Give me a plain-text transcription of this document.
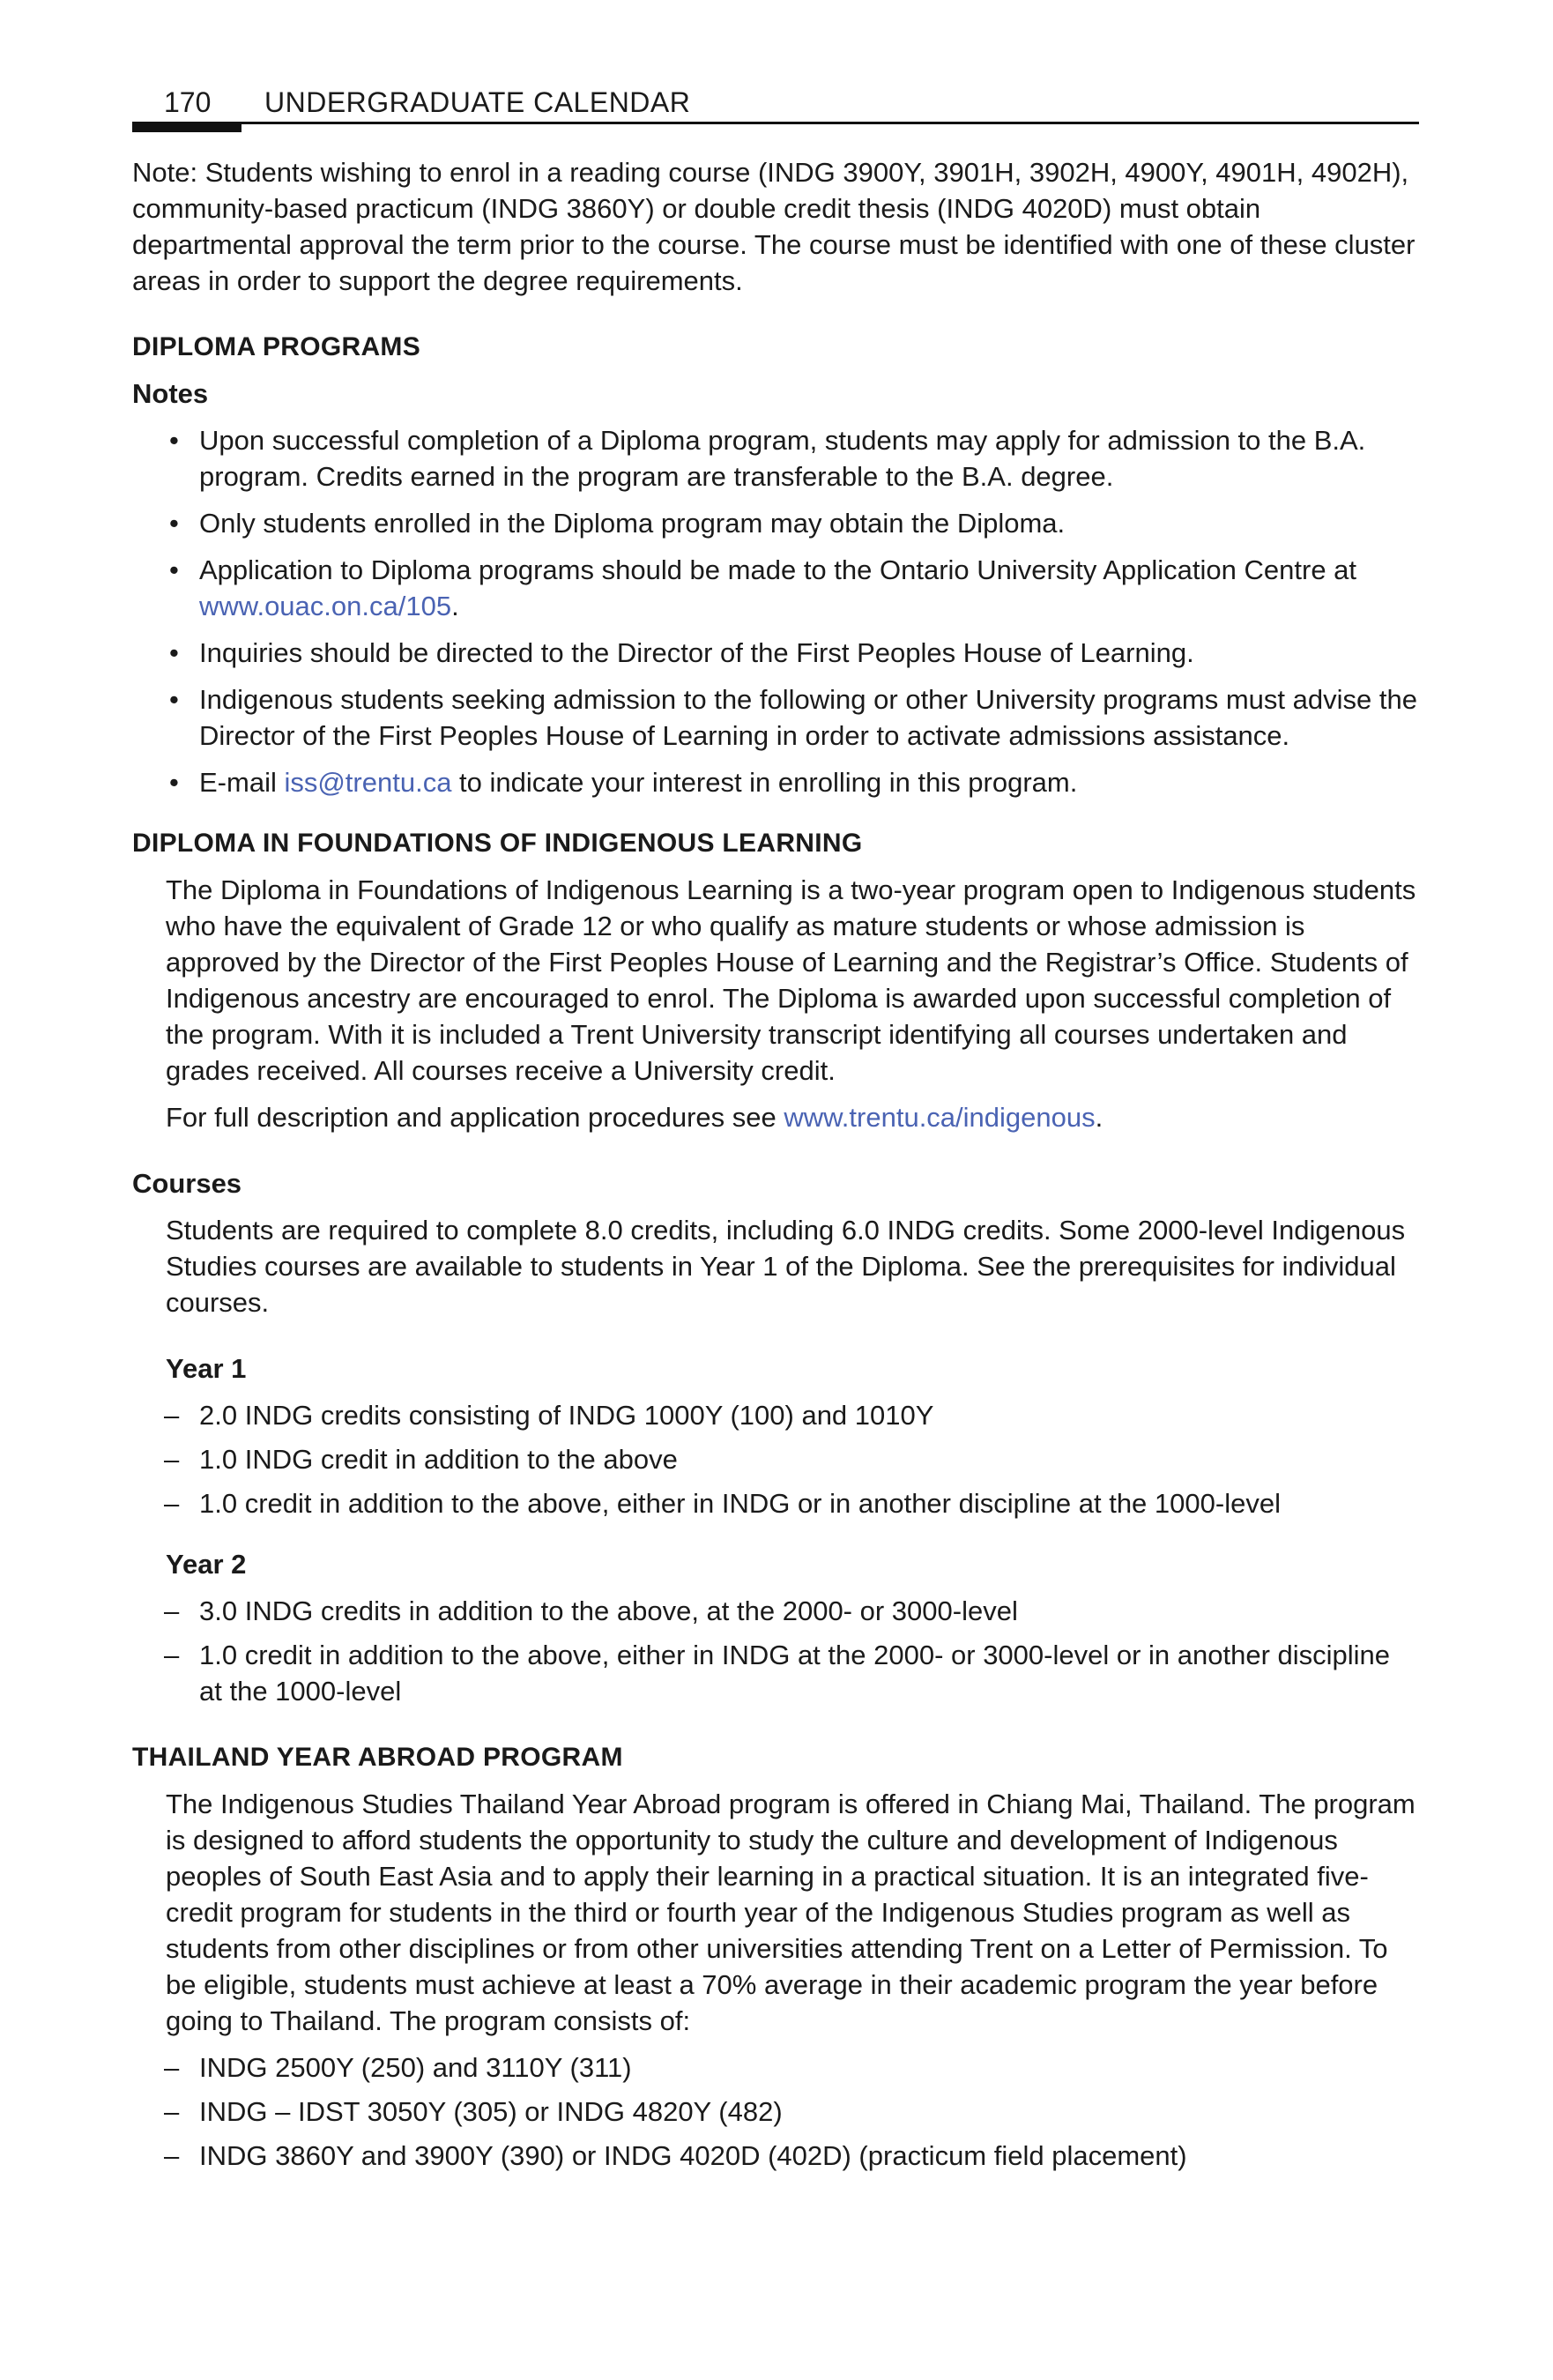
170 UNDERGRADUATE CALENDAR

Note: Students wishing to enrol in a reading course (INDG 3900Y, 3901H, 3902H, 4900Y, 4901H, 4902H), community-based practicum (INDG 3860Y) or double credit thesis (INDG 4020D) must obtain departmental approval the term prior to the course. The course must be identified with one of these cluster areas in order to support the degree requirements.

DIPLOMA PROGRAMS
Notes
• Upon successful completion of a Diploma program, students may apply for admission to the B.A. program. Credits earned in the program are transferable to the B.A. degree.
• Only students enrolled in the Diploma program may obtain the Diploma.
• Application to Diploma programs should be made to the Ontario University Application Centre at www.ouac.on.ca/105.
• Inquiries should be directed to the Director of the First Peoples House of Learning.
• Indigenous students seeking admission to the following or other University programs must advise the Director of the First Peoples House of Learning in order to activate admissions assistance.
• E-mail iss@trentu.ca to indicate your interest in enrolling in this program.
DIPLOMA IN FOUNDATIONS OF INDIGENOUS LEARNING

The Diploma in Foundations of Indigenous Learning is a two-year program open to Indigenous students who have the equivalent of Grade 12 or who qualify as mature students or whose admission is approved by the Director of the First Peoples House of Learning and the Registrar’s Office. Students of Indigenous ancestry are encouraged to enrol. The Diploma is awarded upon successful completion of the program. With it is included a Trent University transcript identifying all courses undertaken and grades received. All courses receive a University credit.

For full description and application procedures see www.trentu.ca/indigenous.

Courses

Students are required to complete 8.0 credits, including 6.0 INDG credits. Some 2000-level Indigenous Studies courses are available to students in Year 1 of the Diploma. See the prerequisites for individual courses.

Year 1
– 2.0 INDG credits consisting of INDG 1000Y (100) and 1010Y
– 1.0 INDG credit in addition to the above
– 1.0 credit in addition to the above, either in INDG or in another discipline at the 1000-level
Year 2
– 3.0 INDG credits in addition to the above, at the 2000- or 3000-level
– 1.0 credit in addition to the above, either in INDG at the 2000- or 3000-level or in another discipline at the 1000-level
THAILAND YEAR ABROAD PROGRAM

The Indigenous Studies Thailand Year Abroad program is offered in Chiang Mai, Thailand. The program is designed to afford students the opportunity to study the culture and development of Indigenous peoples of South East Asia and to apply their learning in a practical situation. It is an integrated five-credit program for students in the third or fourth year of the Indigenous Studies program as well as students from other disciplines or from other universities attending Trent on a Letter of Permission. To be eligible, students must achieve at least a 70% average in their academic program the year before going to Thailand. The program consists of:

– INDG 2500Y (250) and 3110Y (311)
– INDG – IDST 3050Y (305) or INDG 4820Y (482)
– INDG 3860Y and 3900Y (390) or INDG 4020D (402D) (practicum field placement)
